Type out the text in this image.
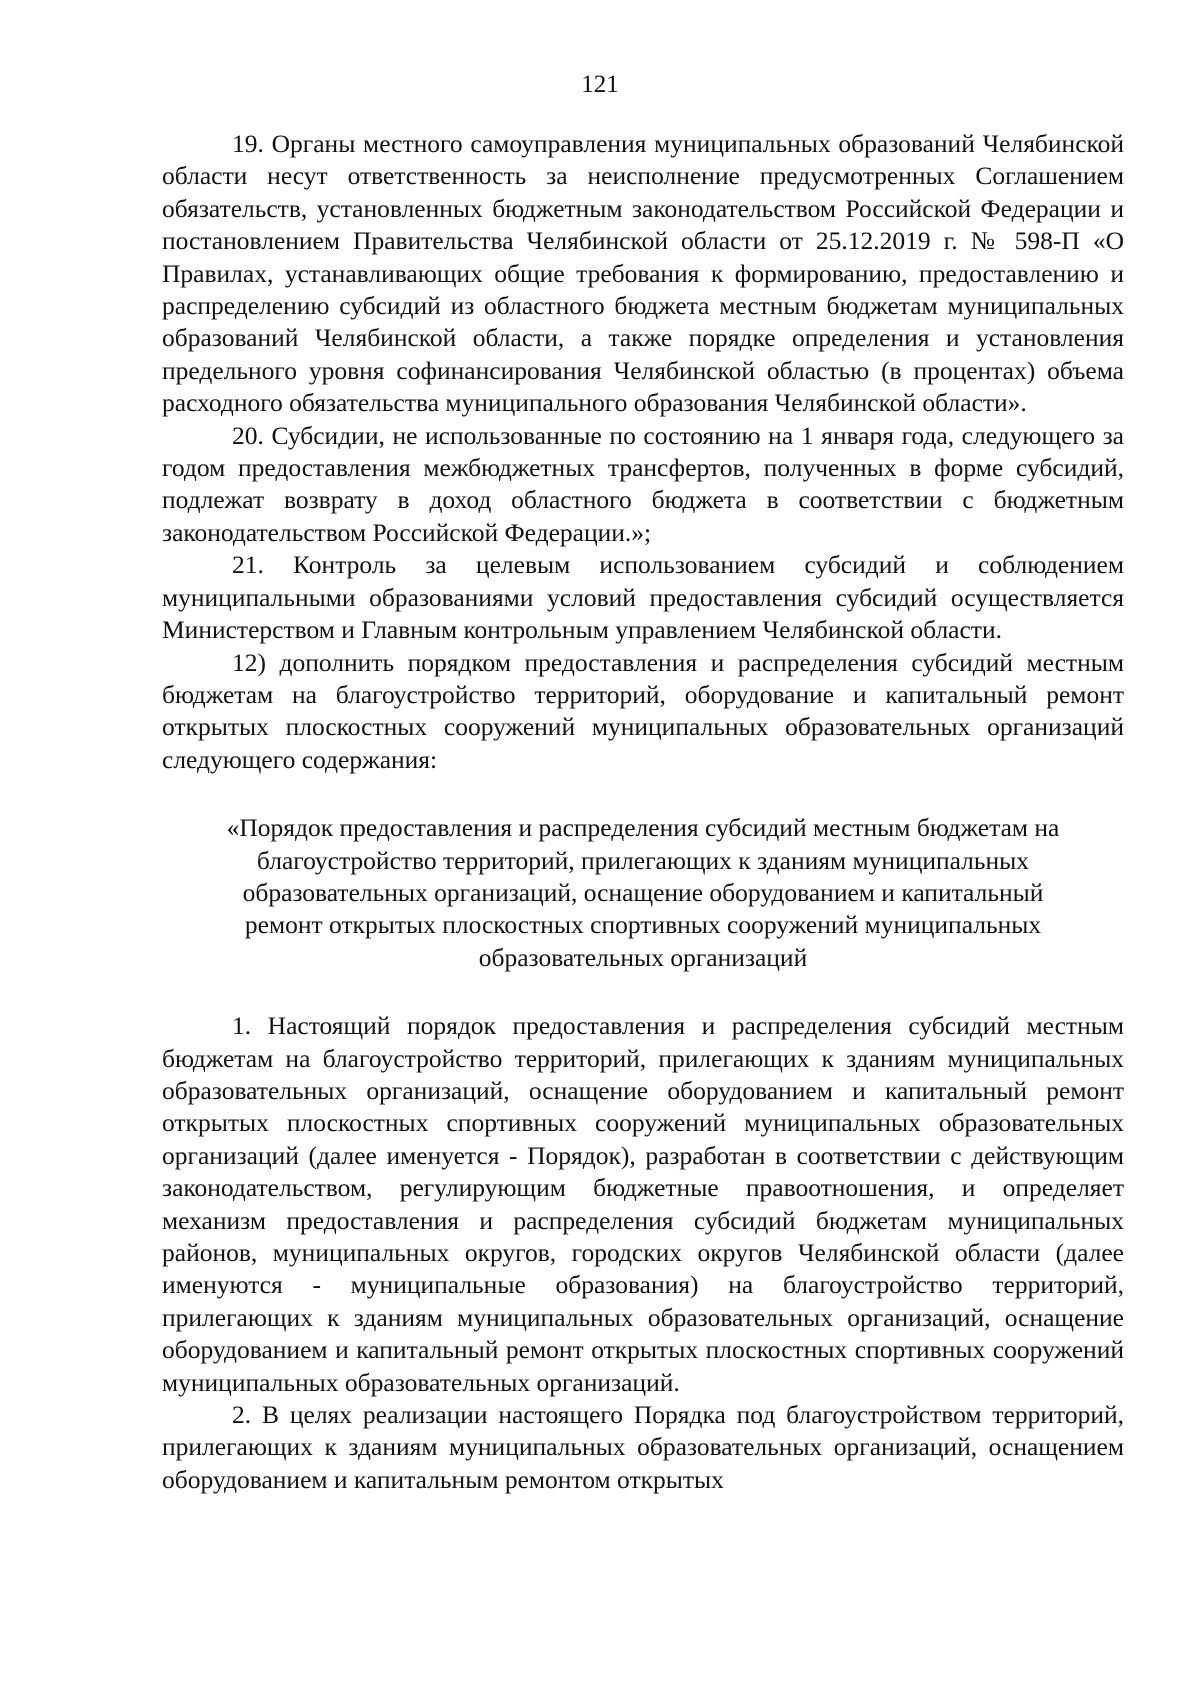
121

19. Органы местного самоуправления муниципальных образований Челябинской области несут ответственность за неисполнение предусмотренных Соглашением обязательств, установленных бюджетным законодательством Российской Федерации и постановлением Правительства Челябинской области от 25.12.2019 г. № 598-П «О Правилах, устанавливающих общие требования к формированию, предоставлению и распределению субсидий из областного бюджета местным бюджетам муниципальных образований Челябинской области, а также порядке определения и установления предельного уровня софинансирования Челябинской областью (в процентах) объема расходного обязательства муниципального образования Челябинской области».

20. Субсидии, не использованные по состоянию на 1 января года, следующего за годом предоставления межбюджетных трансфертов, полученных в форме субсидий, подлежат возврату в доход областного бюджета в соответствии с бюджетным законодательством Российской Федерации.»;

21. Контроль за целевым использованием субсидий и соблюдением муниципальными образованиями условий предоставления субсидий осуществляется Министерством и Главным контрольным управлением Челябинской области.

12) дополнить порядком предоставления и распределения субсидий местным бюджетам на благоустройство территорий, оборудование и капитальный ремонт открытых плоскостных сооружений муниципальных образовательных организаций следующего содержания:

«Порядок предоставления и распределения субсидий местным бюджетам на
благоустройство территорий, прилегающих к зданиям муниципальных
образовательных организаций, оснащение оборудованием и капитальный
ремонт открытых плоскостных спортивных сооружений муниципальных
образовательных организаций

1. Настоящий порядок предоставления и распределения субсидий местным бюджетам на благоустройство территорий, прилегающих к зданиям муниципальных образовательных организаций, оснащение оборудованием и капитальный ремонт открытых плоскостных спортивных сооружений муниципальных образовательных организаций (далее именуется - Порядок), разработан в соответствии с действующим законодательством, регулирующим бюджетные правоотношения, и определяет механизм предоставления и распределения субсидий бюджетам муниципальных районов, муниципальных округов, городских округов Челябинской области (далее именуются - муниципальные образования) на благоустройство территорий, прилегающих к зданиям муниципальных образовательных организаций, оснащение оборудованием и капитальный ремонт открытых плоскостных спортивных сооружений муниципальных образовательных организаций.

2. В целях реализации настоящего Порядка под благоустройством территорий, прилегающих к зданиям муниципальных образовательных организаций, оснащением оборудованием и капитальным ремонтом открытых
